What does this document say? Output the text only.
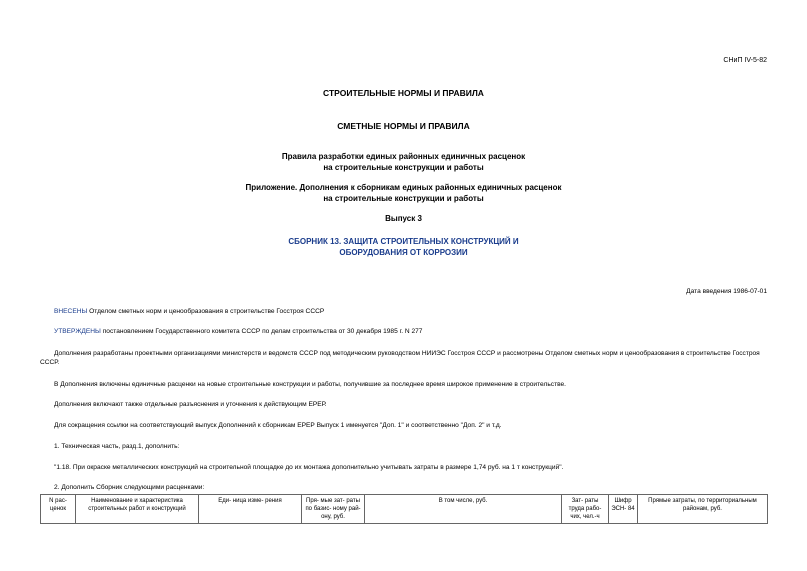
СНиП IV-5-82
СТРОИТЕЛЬНЫЕ НОРМЫ И ПРАВИЛА
СМЕТНЫЕ НОРМЫ И ПРАВИЛА
Правила разработки единых районных единичных расценок
на строительные конструкции и работы
Приложение. Дополнения к сборникам единых районных единичных расценок
на строительные конструкции и работы
Выпуск 3
СБОРНИК 13. ЗАЩИТА СТРОИТЕЛЬНЫХ КОНСТРУКЦИЙ И
ОБОРУДОВАНИЯ ОТ КОРРОЗИИ
Дата введения 1986-07-01
ВНЕСЕНЫ Отделом сметных норм и ценообразования в строительстве Госстроя СССР
УТВЕРЖДЕНЫ постановлением Государственного комитета СССР по делам строительства от 30 декабря 1985 г. N 277
Дополнения разработаны проектными организациями министерств и ведомств СССР под методическим руководством НИИЭС Госстроя СССР и рассмотрены Отделом сметных норм и ценообразования в строительстве Госстроя СССР.
В Дополнения включены единичные расценки на новые строительные конструкции и работы, получившие за последнее время широкое применение в строительстве.
Дополнения включают также отдельные разъяснения и уточнения к действующим ЕРЕР.
Для сокращения ссылки на соответствующий выпуск Дополнений к сборникам ЕРЕР Выпуск 1 именуется "Доп. 1" и соответственно "Доп. 2" и т.д.
1. Техническая часть, разд.1, дополнить:
"1.18. При окраске металлических конструкций на строительной площадке до их монтажа дополнительно учитывать затраты в размере 1,74 руб. на 1 т конструкций".
2. Дополнить Сборник следующими расценками:
N рас- ценок	Наименование и характеристика строительных работ и конструкций	Еди- ница изме- рения	Пря- мые зат- раты по базис- ному рай- ону, руб.	В том числе, руб.	Зат- раты труда рабо- чих, чел.-ч	Шифр ЭСН- 84	Прямые затраты, по территориальным районам, руб.
